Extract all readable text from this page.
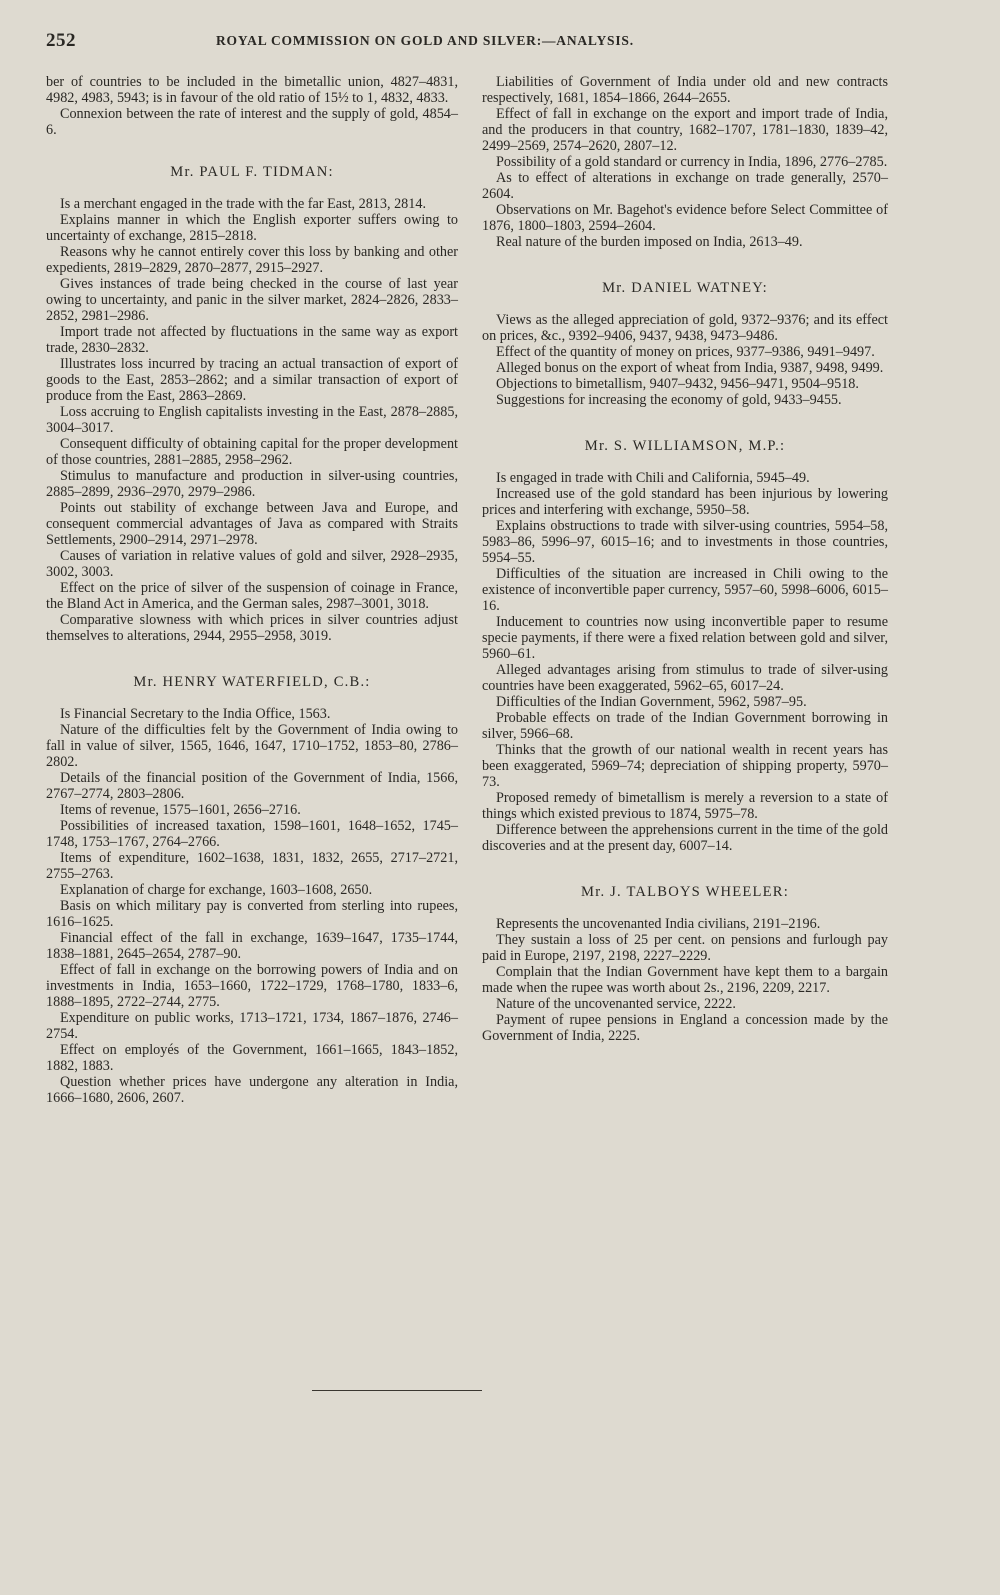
252	ROYAL COMMISSION ON GOLD AND SILVER:—ANALYSIS.

ber of countries to be included in the bimetallic union, 4827–4831, 4982, 4983, 5943; is in favour of the old ratio of 15½ to 1, 4832, 4833.

Connexion between the rate of interest and the supply of gold, 4854–6.

Mr. PAUL F. TIDMAN:

Is a merchant engaged in the trade with the far East, 2813, 2814.

Explains manner in which the English exporter suffers owing to uncertainty of exchange, 2815–2818.

Reasons why he cannot entirely cover this loss by banking and other expedients, 2819–2829, 2870–2877, 2915–2927.

Gives instances of trade being checked in the course of last year owing to uncertainty, and panic in the silver market, 2824–2826, 2833–2852, 2981–2986.

Import trade not affected by fluctuations in the same way as export trade, 2830–2832.

Illustrates loss incurred by tracing an actual transaction of export of goods to the East, 2853–2862; and a similar transaction of export of produce from the East, 2863–2869.

Loss accruing to English capitalists investing in the East, 2878–2885, 3004–3017.

Consequent difficulty of obtaining capital for the proper development of those countries, 2881–2885, 2958–2962.

Stimulus to manufacture and production in silver-using countries, 2885–2899, 2936–2970, 2979–2986.

Points out stability of exchange between Java and Europe, and consequent commercial advantages of Java as compared with Straits Settlements, 2900–2914, 2971–2978.

Causes of variation in relative values of gold and silver, 2928–2935, 3002, 3003.

Effect on the price of silver of the suspension of coinage in France, the Bland Act in America, and the German sales, 2987–3001, 3018.

Comparative slowness with which prices in silver countries adjust themselves to alterations, 2944, 2955–2958, 3019.

Mr. HENRY WATERFIELD, C.B.:

Is Financial Secretary to the India Office, 1563.

Nature of the difficulties felt by the Government of India owing to fall in value of silver, 1565, 1646, 1647, 1710–1752, 1853–80, 2786–2802.

Details of the financial position of the Government of India, 1566, 2767–2774, 2803–2806.

Items of revenue, 1575–1601, 2656–2716.

Possibilities of increased taxation, 1598–1601, 1648–1652, 1745–1748, 1753–1767, 2764–2766.

Items of expenditure, 1602–1638, 1831, 1832, 2655, 2717–2721, 2755–2763.

Explanation of charge for exchange, 1603–1608, 2650.

Basis on which military pay is converted from sterling into rupees, 1616–1625.

Financial effect of the fall in exchange, 1639–1647, 1735–1744, 1838–1881, 2645–2654, 2787–90.

Effect of fall in exchange on the borrowing powers of India and on investments in India, 1653–1660, 1722–1729, 1768–1780, 1833–6, 1888–1895, 2722–2744, 2775.

Expenditure on public works, 1713–1721, 1734, 1867–1876, 2746–2754.

Effect on employés of the Government, 1661–1665, 1843–1852, 1882, 1883.

Question whether prices have undergone any alteration in India, 1666–1680, 2606, 2607.

Liabilities of Government of India under old and new contracts respectively, 1681, 1854–1866, 2644–2655.

Effect of fall in exchange on the export and import trade of India, and the producers in that country, 1682–1707, 1781–1830, 1839–42, 2499–2569, 2574–2620, 2807–12.

Possibility of a gold standard or currency in India, 1896, 2776–2785.

As to effect of alterations in exchange on trade generally, 2570–2604.

Observations on Mr. Bagehot's evidence before Select Committee of 1876, 1800–1803, 2594–2604.

Real nature of the burden imposed on India, 2613–49.

Mr. DANIEL WATNEY:

Views as the alleged appreciation of gold, 9372–9376; and its effect on prices, &c., 9392–9406, 9437, 9438, 9473–9486.

Effect of the quantity of money on prices, 9377–9386, 9491–9497.

Alleged bonus on the export of wheat from India, 9387, 9498, 9499.

Objections to bimetallism, 9407–9432, 9456–9471, 9504–9518.

Suggestions for increasing the economy of gold, 9433–9455.

Mr. S. WILLIAMSON, M.P.:

Is engaged in trade with Chili and California, 5945–49.

Increased use of the gold standard has been injurious by lowering prices and interfering with exchange, 5950–58.

Explains obstructions to trade with silver-using countries, 5954–58, 5983–86, 5996–97, 6015–16; and to investments in those countries, 5954–55.

Difficulties of the situation are increased in Chili owing to the existence of inconvertible paper currency, 5957–60, 5998–6006, 6015–16.

Inducement to countries now using inconvertible paper to resume specie payments, if there were a fixed relation between gold and silver, 5960–61.

Alleged advantages arising from stimulus to trade of silver-using countries have been exaggerated, 5962–65, 6017–24.

Difficulties of the Indian Government, 5962, 5987–95.

Probable effects on trade of the Indian Government borrowing in silver, 5966–68.

Thinks that the growth of our national wealth in recent years has been exaggerated, 5969–74; depreciation of shipping property, 5970–73.

Proposed remedy of bimetallism is merely a reversion to a state of things which existed previous to 1874, 5975–78.

Difference between the apprehensions current in the time of the gold discoveries and at the present day, 6007–14.

Mr. J. TALBOYS WHEELER:

Represents the uncovenanted India civilians, 2191–2196.

They sustain a loss of 25 per cent. on pensions and furlough pay paid in Europe, 2197, 2198, 2227–2229.

Complain that the Indian Government have kept them to a bargain made when the rupee was worth about 2s., 2196, 2209, 2217.

Nature of the uncovenanted service, 2222.

Payment of rupee pensions in England a concession made by the Government of India, 2225.
